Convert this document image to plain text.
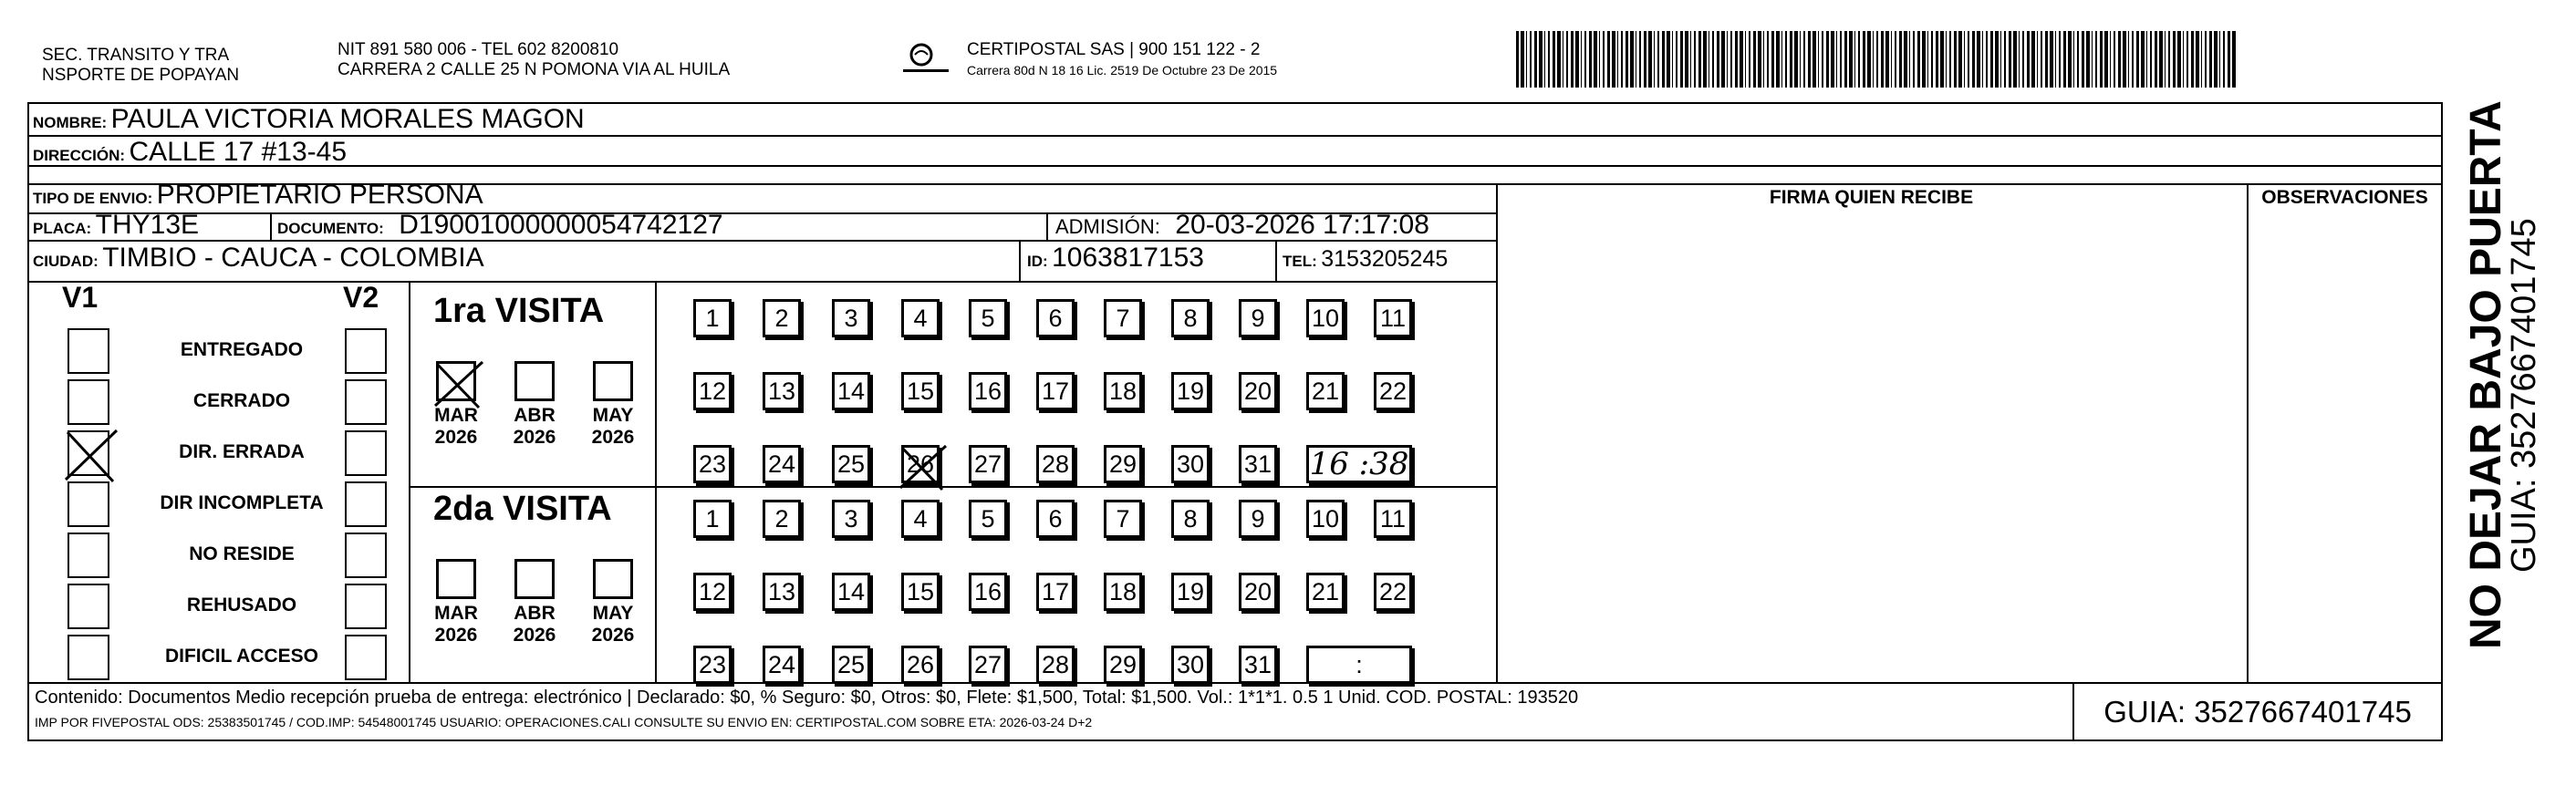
SEC. TRANSITO Y TRA
NSPORTE DE POPAYAN
NIT 891 580 006 - TEL 602 8200810
CARRERA 2 CALLE 25 N POMONA VIA AL HUILA
CERTIPOSTAL SAS | 900 151 122 - 2
Carrera 80d N 18 16 Lic. 2519 De Octubre 23 De 2015
NOMBRE: PAULA VICTORIA MORALES MAGON
DIRECCIÓN: CALLE 17 #13-45
TIPO DE ENVIO: PROPIETARIO PERSONA	FIRMA QUIEN RECIBE	OBSERVACIONES
PLACA: THY13E	DOCUMENTO: D19001000000054742127	ADMISIÓN: 20-03-2026 17:17:08
CIUDAD: TIMBIO - CAUCA - COLOMBIA	ID: 1063817153	TEL: 3153205245
V1	V2
ENTREGADO
CERRADO
DIR. ERRADA
DIR INCOMPLETA
NO RESIDE
REHUSADO
DIFICIL ACCESO
1ra VISITA
2da VISITA
MAR
2026
ABR
2026
MAY
2026
MAR
2026
ABR
2026
MAY
2026
1	2	3	4	5	6	7	8	9	10 11
12 13 14 15 16 17 18 19 20 21 22
23 24 25 26 27 28 29 30 31 16 :38
1	2	3	4	5	6	7	8	9	10 11
12 13 14 15 16 17 18 19 20 21 22
23 24 25 26 27 28 29 30 31	:
Contenido: Documentos Medio recepción prueba de entrega: electrónico | Declarado: $0, % Seguro: $0, Otros: $0, Flete: $1,500, Total: $1,500. Vol.: 1*1*1. 0.5 1 Unid. COD. POSTAL: 193520
IMP POR FIVEPOSTAL ODS: 25383501745 / COD.IMP: 54548001745 USUARIO: OPERACIONES.CALI CONSULTE SU ENVIO EN: CERTIPOSTAL.COM SOBRE ETA: 2026-03-24 D+2	GUIA: 3527667401745
NO DEJAR BAJO PUERTA
GUIA: 3527667401745
